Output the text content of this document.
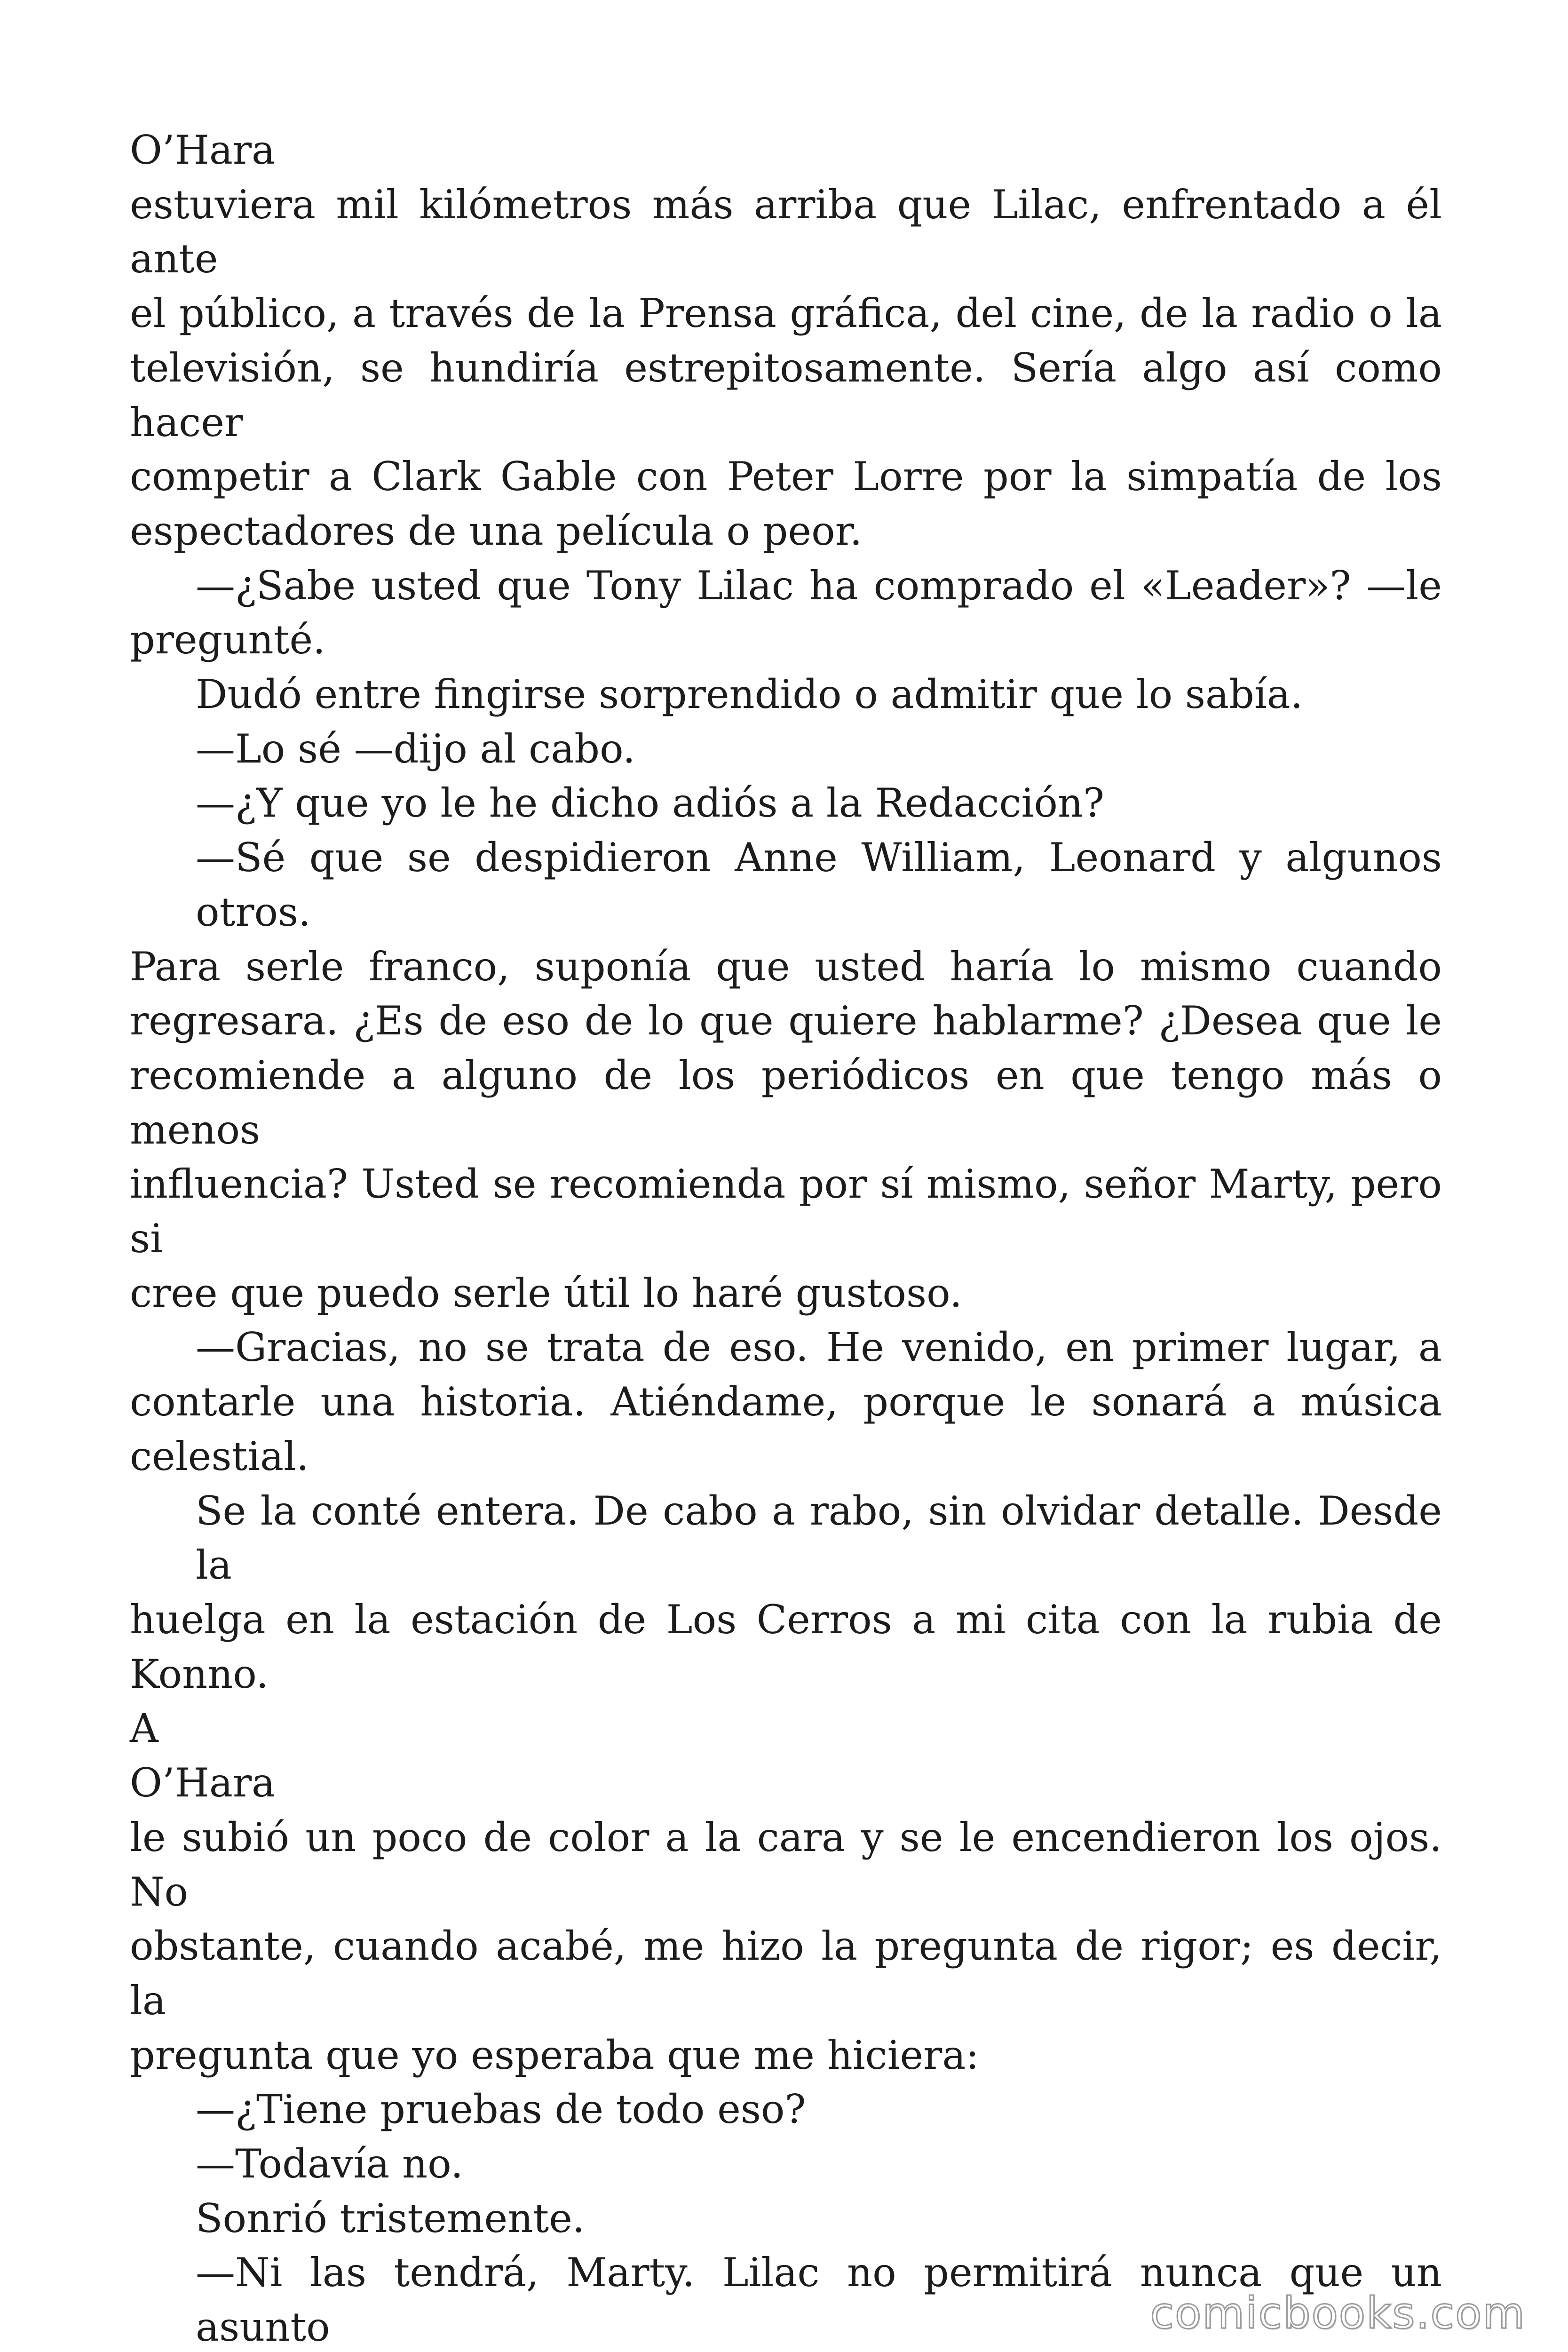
O’Hara
estuviera mil kilómetros más arriba que Lilac, enfrentado a él ante
el público, a través de la Prensa gráfica, del cine, de la radio o la
televisión, se hundiría estrepitosamente. Sería algo así como hacer
competir a Clark Gable con Peter Lorre por la simpatía de los
espectadores de una película o peor.
—¿Sabe usted que Tony Lilac ha comprado el «Leader»? —le
pregunté.
Dudó entre fingirse sorprendido o admitir que lo sabía.
—Lo sé —dijo al cabo.
—¿Y que yo le he dicho adiós a la Redacción?
—Sé que se despidieron Anne William, Leonard y algunos otros.
Para serle franco, suponía que usted haría lo mismo cuando
regresara. ¿Es de eso de lo que quiere hablarme? ¿Desea que le
recomiende a alguno de los periódicos en que tengo más o menos
influencia? Usted se recomienda por sí mismo, señor Marty, pero si
cree que puedo serle útil lo haré gustoso.
—Gracias, no se trata de eso. He venido, en primer lugar, a
contarle una historia. Atiéndame, porque le sonará a música
celestial.
Se la conté entera. De cabo a rabo, sin olvidar detalle. Desde la
huelga en la estación de Los Cerros a mi cita con la rubia de Konno.
A
O’Hara
le subió un poco de color a la cara y se le encendieron los ojos. No
obstante, cuando acabé, me hizo la pregunta de rigor; es decir, la
pregunta que yo esperaba que me hiciera:
—¿Tiene pruebas de todo eso?
—Todavía no.
Sonrió tristemente.
—Ni las tendrá, Marty. Lilac no permitirá nunca que un asunto	comicbooks.com
